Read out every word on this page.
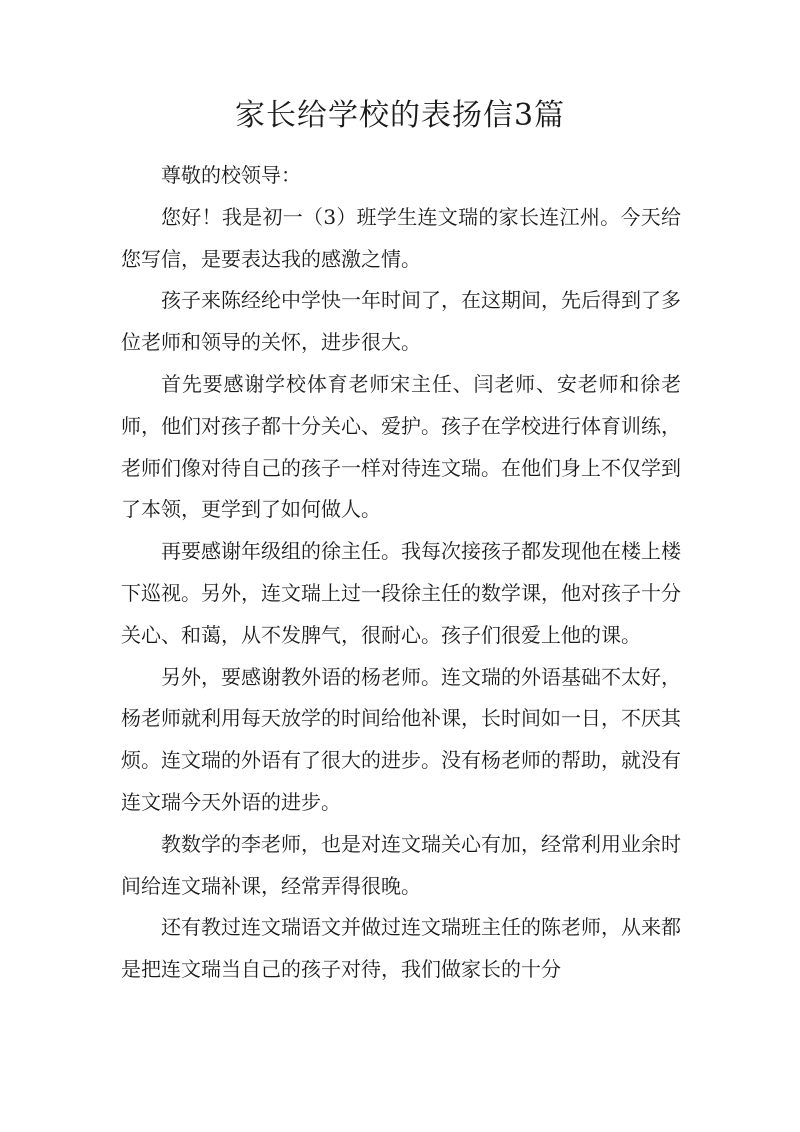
家长给学校的表扬信3篇

尊敬的校领导：

您好！我是初一（3）班学生连文瑞的家长连江州。今天给您写信，是要表达我的感激之情。

孩子来陈经纶中学快一年时间了，在这期间，先后得到了多位老师和领导的关怀，进步很大。

首先要感谢学校体育老师宋主任、闫老师、安老师和徐老师，他们对孩子都十分关心、爱护。孩子在学校进行体育训练，老师们像对待自己的孩子一样对待连文瑞。在他们身上不仅学到了本领，更学到了如何做人。

再要感谢年级组的徐主任。我每次接孩子都发现他在楼上楼下巡视。另外，连文瑞上过一段徐主任的数学课，他对孩子十分关心、和蔼，从不发脾气，很耐心。孩子们很爱上他的课。

另外，要感谢教外语的杨老师。连文瑞的外语基础不太好，杨老师就利用每天放学的时间给他补课，长时间如一日，不厌其烦。连文瑞的外语有了很大的进步。没有杨老师的帮助，就没有连文瑞今天外语的进步。

教数学的李老师，也是对连文瑞关心有加，经常利用业余时间给连文瑞补课，经常弄得很晚。

还有教过连文瑞语文并做过连文瑞班主任的陈老师，从来都是把连文瑞当自己的孩子对待，我们做家长的十分
